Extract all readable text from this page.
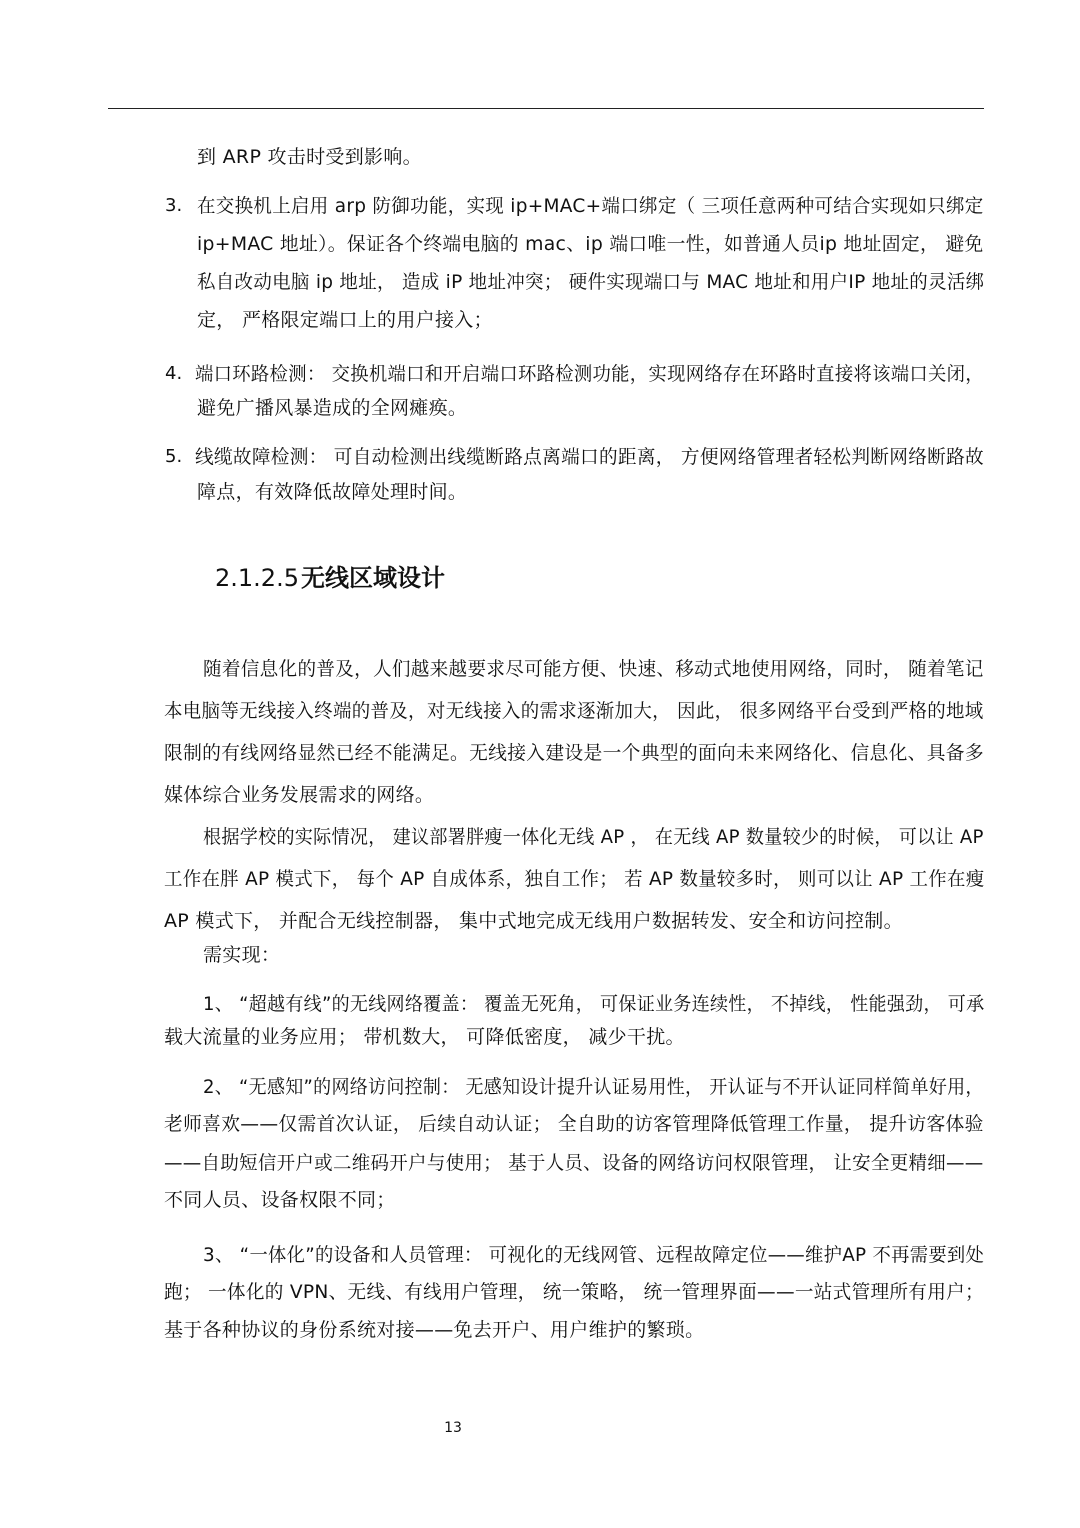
到 ARP 攻击时受到影响。
3. 在交换机上启用 arp 防御功能，实现 ip+MAC+端口绑定（ 三项任意两种可结合实现如只绑定
ip+MAC 地址）。保证各个终端电脑的 mac、ip 端口唯一性，如普通人员ip 地址固定， 避免
私自改动电脑 ip 地址， 造成 iP 地址冲突； 硬件实现端口与 MAC 地址和用户IP 地址的灵活绑
定， 严格限定端口上的用户接入；
4. 端口环路检测： 交换机端口和开启端口环路检测功能，实现网络存在环路时直接将该端口关闭，
避免广播风暴造成的全网瘫痪。
5. 线缆故障检测： 可自动检测出线缆断路点离端口的距离， 方便网络管理者轻松判断网络断路故
障点，有效降低故障处理时间。
2.1.2.5无线区域设计
随着信息化的普及，人们越来越要求尽可能方便、快速、移动式地使用网络，同时， 随着笔记
本电脑等无线接入终端的普及，对无线接入的需求逐渐加大， 因此， 很多网络平台受到严格的地域
限制的有线网络显然已经不能满足。无线接入建设是一个典型的面向未来网络化、信息化、具备多
媒体综合业务发展需求的网络。
根据学校的实际情况， 建议部署胖瘦一体化无线 AP ， 在无线 AP 数量较少的时候， 可以让 AP
工作在胖 AP 模式下， 每个 AP 自成体系，独自工作； 若 AP 数量较多时， 则可以让 AP 工作在瘦
AP 模式下， 并配合无线控制器， 集中式地完成无线用户数据转发、安全和访问控制。
需实现：
1、 “超越有线”的无线网络覆盖： 覆盖无死角， 可保证业务连续性， 不掉线， 性能强劲， 可承
载大流量的业务应用； 带机数大， 可降低密度， 减少干扰。
2、 “无感知”的网络访问控制： 无感知设计提升认证易用性， 开认证与不开认证同样简单好用，
老师喜欢——仅需首次认证， 后续自动认证； 全自助的访客管理降低管理工作量， 提升访客体验
——自助短信开户或二维码开户与使用； 基于人员、设备的网络访问权限管理， 让安全更精细——
不同人员、设备权限不同；
3、 “一体化”的设备和人员管理： 可视化的无线网管、远程故障定位——维护AP 不再需要到处
跑； 一体化的 VPN、无线、有线用户管理， 统一策略， 统一管理界面——一站式管理所有用户；
基于各种协议的身份系统对接——免去开户、用户维护的繁琐。
13
